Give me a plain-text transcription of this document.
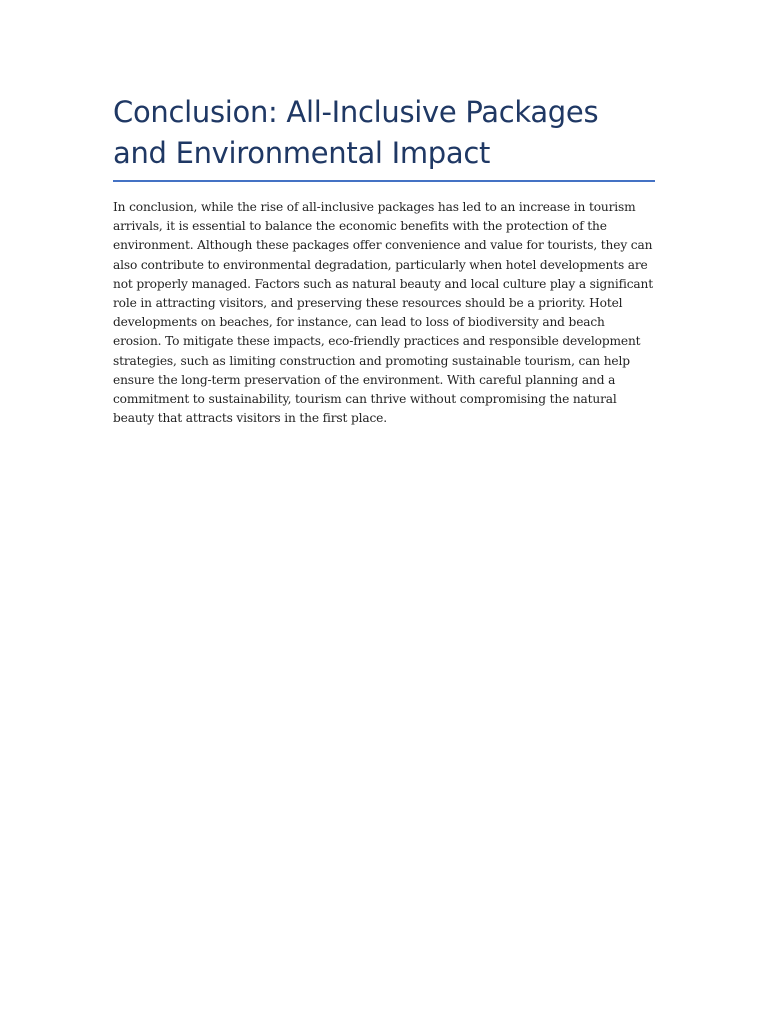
Conclusion: All-Inclusive Packages and Environmental Impact

In conclusion, while the rise of all-inclusive packages has led to an increase in tourism arrivals, it is essential to balance the economic benefits with the protection of the environment. Although these packages offer convenience and value for tourists, they can also contribute to environmental degradation, particularly when hotel developments are not properly managed. Factors such as natural beauty and local culture play a significant role in attracting visitors, and preserving these resources should be a priority. Hotel developments on beaches, for instance, can lead to loss of biodiversity and beach erosion. To mitigate these impacts, eco-friendly practices and responsible development strategies, such as limiting construction and promoting sustainable tourism, can help ensure the long-term preservation of the environment. With careful planning and a commitment to sustainability, tourism can thrive without compromising the natural beauty that attracts visitors in the first place.
